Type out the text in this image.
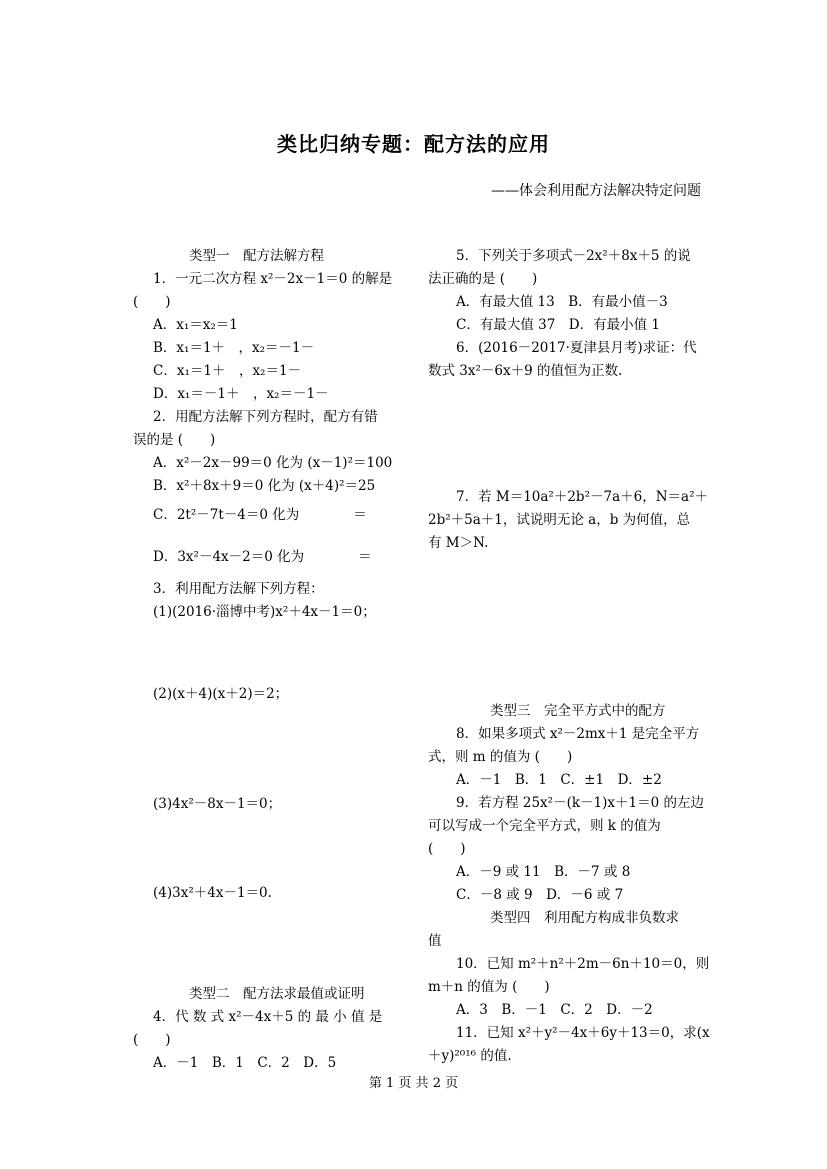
类比归纳专题：配方法的应用
——体会利用配方法解决特定问题
类型一　配方法解方程
1．一元二次方程 x²－2x－1＝0 的解是
(　　)
A．x₁＝x₂＝1
B．x₁＝1＋　，x₂＝－1－
C．x₁＝1＋　，x₂＝1－
D．x₁＝－1＋　，x₂＝－1－
2．用配方法解下列方程时，配方有错
误的是 (　　)
A．x²－2x－99＝0 化为 (x－1)²＝100
B．x²＋8x＋9＝0 化为 (x＋4)²＝25
C．2t²－7t－4＝0 化为　　　　＝
D．3x²－4x－2＝0 化为　　　　＝
3．利用配方法解下列方程：
(1)(2016·淄博中考)x²＋4x－1＝0；
(2)(x＋4)(x＋2)＝2；
(3)4x²－8x－1＝0；
(4)3x²＋4x－1＝0.
类型二　配方法求最值或证明
4．代 数 式 x²－4x＋5 的 最 小 值 是
(　　)
A．－1　B．1　C．2　D．5
5．下列关于多项式－2x²＋8x＋5 的说
法正确的是 (　　)
A．有最大值 13　B．有最小值－3
C．有最大值 37　D．有最小值 1
6．(2016－2017·夏津县月考)求证：代
数式 3x²－6x＋9 的值恒为正数.
7．若 M＝10a²＋2b²－7a＋6，N＝a²＋
2b²＋5a＋1，试说明无论 a，b 为何值，总
有 M＞N.
类型三　完全平方式中的配方
8．如果多项式 x²－2mx＋1 是完全平方
式，则 m 的值为 (　　)
A．－1　B．1　C．±1　D．±2
9．若方程 25x²－(k－1)x＋1＝0 的左边
可以写成一个完全平方式，则 k 的值为
(　　)
A．－9 或 11　B．－7 或 8
C．－8 或 9　D．－6 或 7
类型四　利用配方构成非负数求
值
10．已知 m²＋n²＋2m－6n＋10＝0，则
m＋n 的值为 (　　)
A．3　B．－1　C．2　D．－2
11．已知 x²＋y²－4x＋6y＋13＝0，求(x
＋y)²⁰¹⁶ 的值.
第 1 页 共 2 页
